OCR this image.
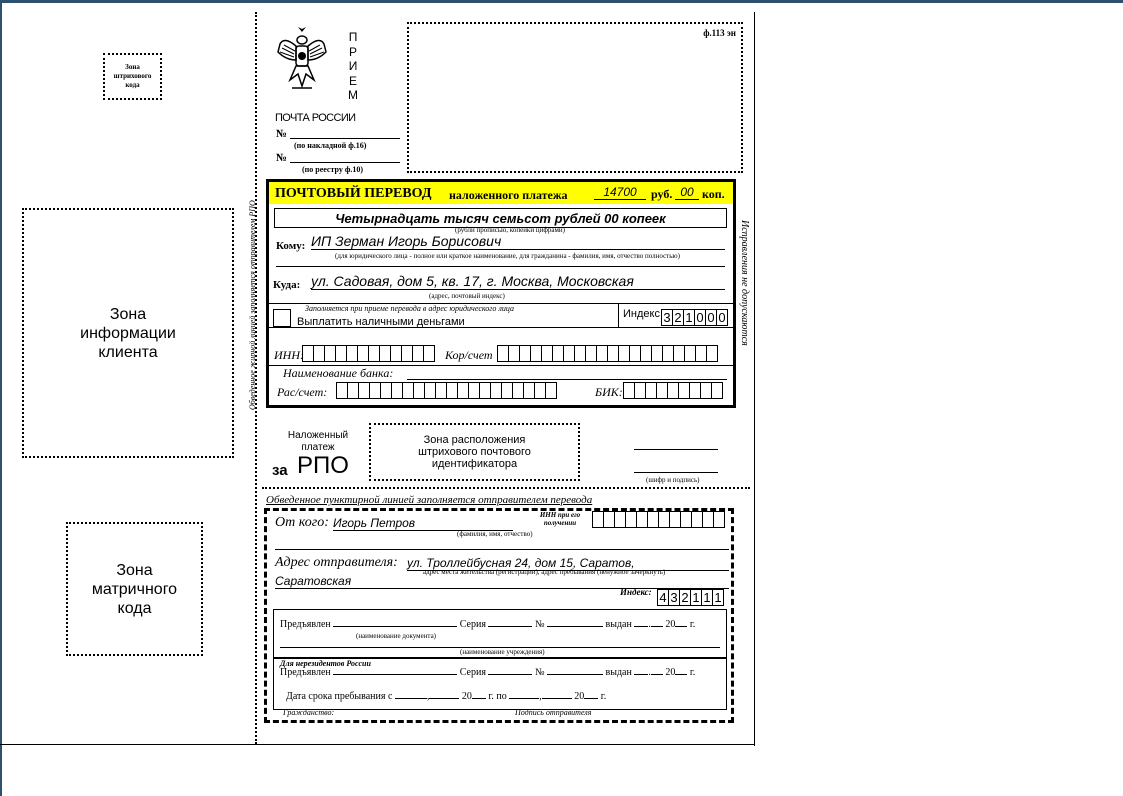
Зона штрихового кода
Зона информации клиента
Зона матричного кода
П
Р
И
Е
М
ПОЧТА РОССИИ
№
(по накладной ф.16)
№
(по реестру ф.10)
ф.113 эн
Обведенное жирной линией заполняется отправителем РПО	Исправления не допускаются
ПОЧТОВЫЙ ПЕРЕВОД наложенного платежа	14700	руб. 00 коп.
Четырнадцать тысяч семьсот рублей 00 копеек
(рубли прописью, копейки цифрами)
Кому: ИП Зерман Игорь Борисович
(для юридического лица - полное или краткое наименование, для гражданина - фамилия, имя, отчество полностью)
Куда: ул. Садовая, дом 5, кв. 17, г. Москва, Московская
(адрес, почтовый индекс)
Заполняется при приеме перевода в адрес юридического лица
Выплатить наличными деньгами
Индекс: 3 2 1 0 0 0
ИНН:	Кор/счет
Наименование банка:
Рас/счет:	БИК:
Наложенный платеж
за РПО
Зона расположения штрихового почтового идентификатора
(шифр и подпись)
Обведенное пунктирной линией заполняется отправителем перевода
От кого: Игорь Петров
ИНН при его получении
(фамилия, имя, отчество)
Адрес отправителя: ул. Троллейбусная 24, дом 15, Саратов,
адрес места жительства (регистрации), адрес пребывания (ненужное зачеркнуть)
Саратовская
Индекс: 4 3 2 1 1 1
Предъявлен	Серия	№	выдан . 20 г.
(наименование документа)
(наименование учреждения)
Для нерезидентов России
Предъявлен	Серия	№	выдан . 20 г.
Дата срока пребывания с	,	20 г. по	,	20 г.
Гражданство:	Подпись отправителя
